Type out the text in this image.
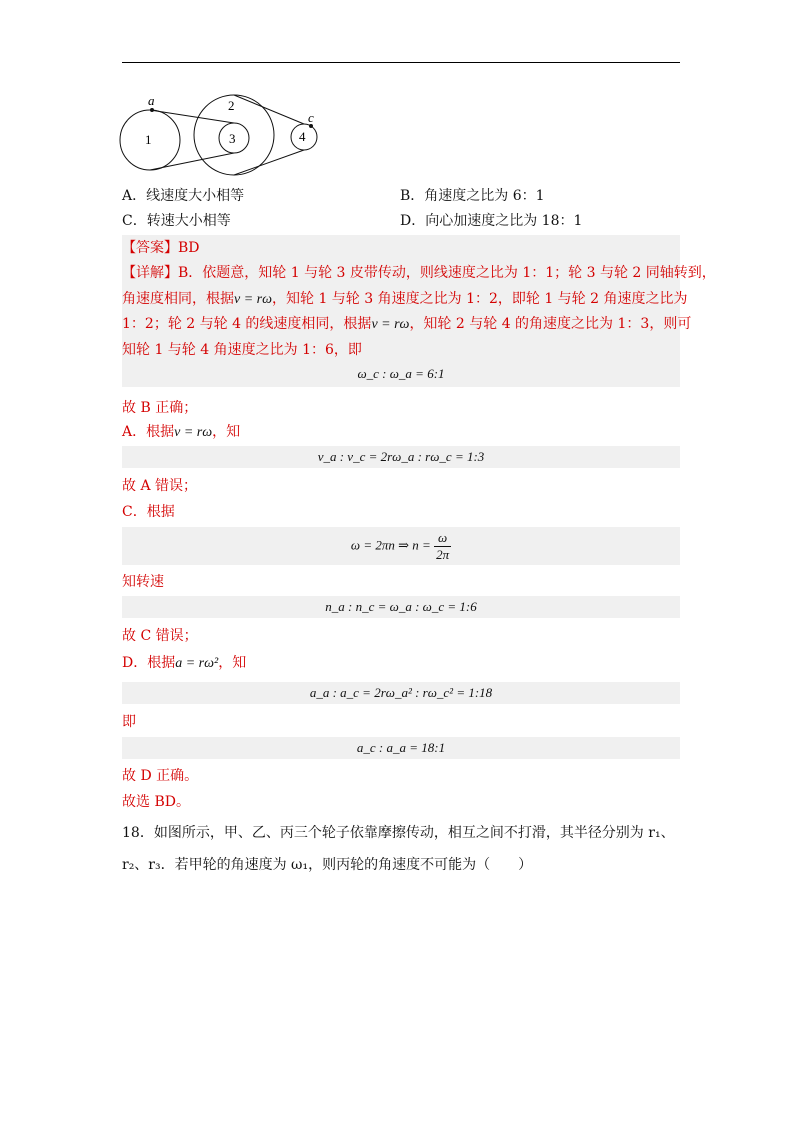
a
c
1
2
3	4
A．线速度大小相等	B．角速度之比为 6：1
C．转速大小相等	D．向心加速度之比为 18：1
【答案】BD
【详解】B．依题意，知轮 1 与轮 3 皮带传动，则线速度之比为 1：1；轮 3 与轮 2 同轴转到，
角速度相同，根据v = rω，知轮 1 与轮 3 角速度之比为 1：2，即轮 1 与轮 2 角速度之比为
1：2；轮 2 与轮 4 的线速度相同，根据v = rω，知轮 2 与轮 4 的角速度之比为 1：3，则可
知轮 1 与轮 4 角速度之比为 1：6，即
ω_c : ω_a = 6:1
故 B 正确；
A．根据v = rω，知
v_a : v_c = 2rω_a : rω_c = 1:3
故 A 错误；
C．根据
ω = 2πn ⇒ $n = \frac{\omega}{2\pi}$
知转速
n_a : n_c = ω_a : ω_c = 1:6
故 C 错误；
D．根据a = rω²，知
a_a : a_c = 2rω_a² : rω_c² = 1:18
即
a_c : a_a = 18:1
故 D 正确。
故选 BD。
18．如图所示，甲、乙、丙三个轮子依靠摩擦传动，相互之间不打滑，其半径分别为 r₁、
r₂、r₃．若甲轮的角速度为 ω₁，则丙轮的角速度不可能为（　　）
